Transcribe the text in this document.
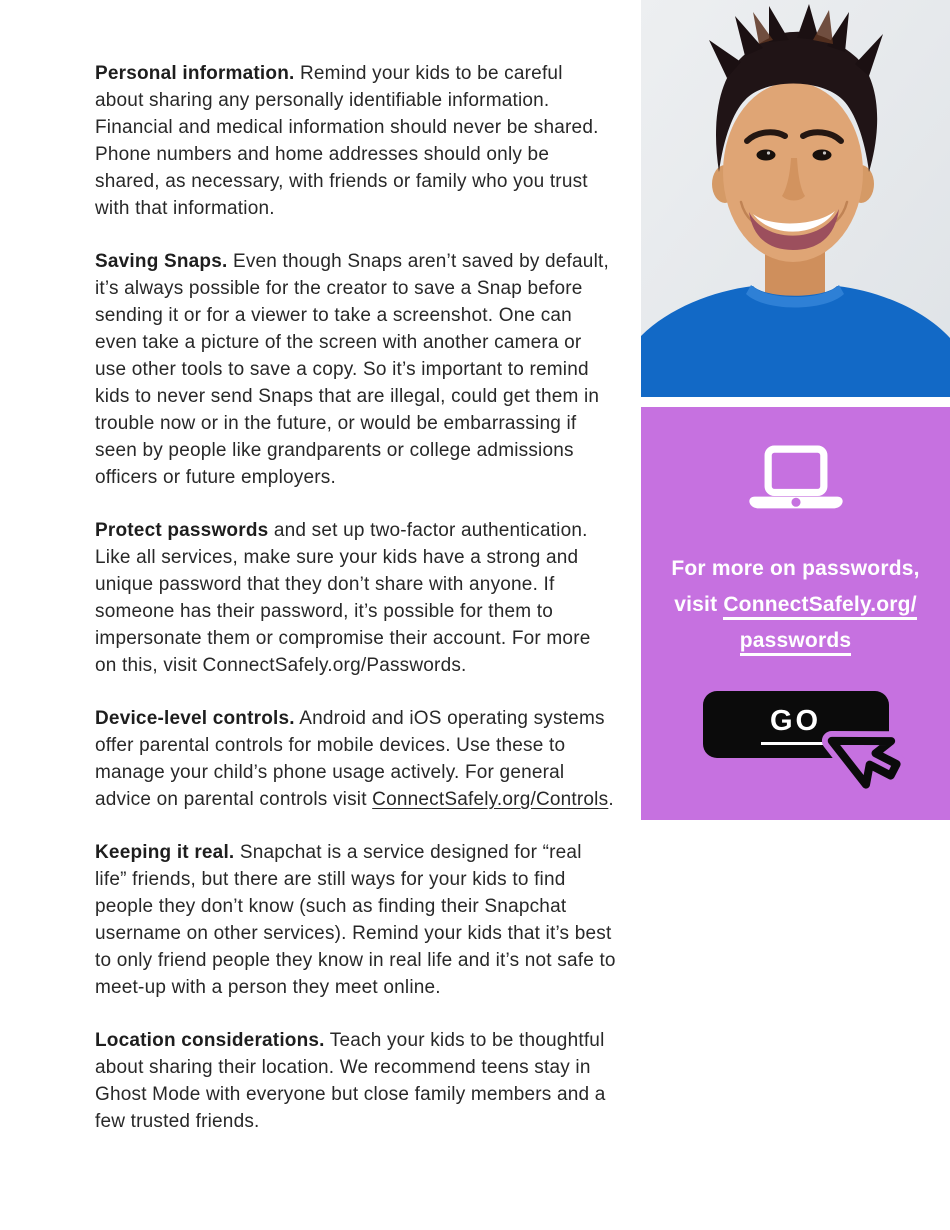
Personal information. Remind your kids to be careful about sharing any personally identifiable information. Financial and medical information should never be shared. Phone numbers and home addresses should only be shared, as necessary, with friends or family who you trust with that information.

Saving Snaps. Even though Snaps aren’t saved by default, it’s always possible for the creator to save a Snap before sending it or for a viewer to take a screenshot. One can even take a picture of the screen with another camera or use other tools to save a copy. So it’s important to remind kids to never send Snaps that are illegal, could get them in trouble now or in the future, or would be embarrassing if seen by people like grandparents or college admissions officers or future employers.

Protect passwords and set up two-factor authentication. Like all services, make sure your kids have a strong and unique password that they don’t share with anyone. If someone has their password, it’s possible for them to impersonate them or compromise their account. For more on this, visit ConnectSafely.org/Passwords.

Device-level controls. Android and iOS operating systems offer parental controls for mobile devices. Use these to manage your child’s phone usage actively. For general advice on parental controls visit ConnectSafely.org/Controls.

Keeping it real. Snapchat is a service designed for “real life” friends, but there are still ways for your kids to find people they don’t know (such as finding their Snapchat username on other services). Remind your kids that it’s best to only friend people they know in real life and it’s not safe to meet-up with a person they meet online.

Location considerations. Teach your kids to be thoughtful about sharing their location. We recommend teens stay in Ghost Mode with everyone but close family members and a few trusted friends.

For more on passwords,
visit ConnectSafely.org/
passwords

GO
